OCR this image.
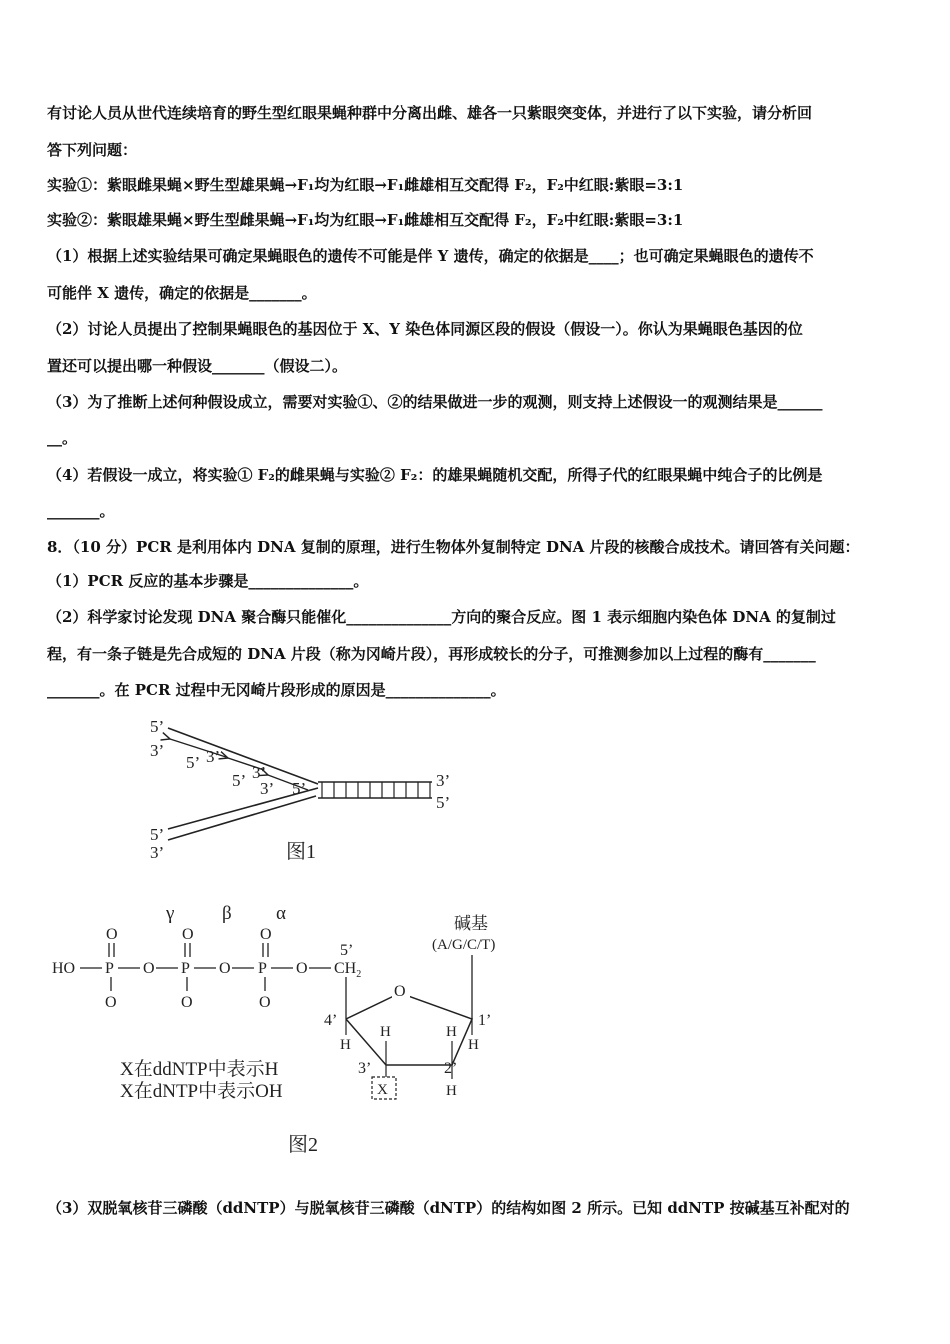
有讨论人员从世代连续培育的野生型红眼果蝇种群中分离出雌、雄各一只紫眼突变体，并进行了以下实验，请分析回
答下列问题：
实验①：紫眼雌果蝇×野生型雄果蝇→F₁均为红眼→F₁雌雄相互交配得 F₂，F₂中红眼:紫眼=3:1
实验②：紫眼雄果蝇×野生型雌果蝇→F₁均为红眼→F₁雌雄相互交配得 F₂，F₂中红眼:紫眼=3:1
（1）根据上述实验结果可确定果蝇眼色的遗传不可能是伴 Y 遗传，确定的依据是____；也可确定果蝇眼色的遗传不
可能伴 X 遗传，确定的依据是_______。
（2）讨论人员提出了控制果蝇眼色的基因位于 X、Y 染色体同源区段的假设（假设一）。你认为果蝇眼色基因的位
置还可以提出哪一种假设_______（假设二）。
（3）为了推断上述何种假设成立，需要对实验①、②的结果做进一步的观测，则支持上述假设一的观测结果是______
__。
（4）若假设一成立，将实验① F₂的雌果蝇与实验② F₂：的雄果蝇随机交配，所得子代的红眼果蝇中纯合子的比例是
_______。
8．（10 分）PCR 是利用体内 DNA 复制的原理，进行生物体外复制特定 DNA 片段的核酸合成技术。请回答有关问题：
（1）PCR 反应的基本步骤是______________。
（2）科学家讨论发现 DNA 聚合酶只能催化______________方向的聚合反应。图 1 表示细胞内染色体 DNA 的复制过
程，有一条子链是先合成短的 DNA 片段（称为冈崎片段），再形成较长的分子，可推测参加以上过程的酶有_______
_______。在 PCR 过程中无冈崎片段形成的原因是______________。
（3）双脱氧核苷三磷酸（ddNTP）与脱氧核苷三磷酸（dNTP）的结构如图 2 所示。已知 ddNTP 按碱基互补配对的
5’
3’
5’ 3’
5’ 3’
3’ 5’	3’
5’
5’
3’	图1
γ	β α
O	O	O
HO P O P O P O $CH_2$
5’
O	O	O
O
4’	1’
3’	2’
H
H	H
H
H
X
碱基
(A/G/C/T)
X在ddNTP中表示H
X在dNTP中表示OH
图2
